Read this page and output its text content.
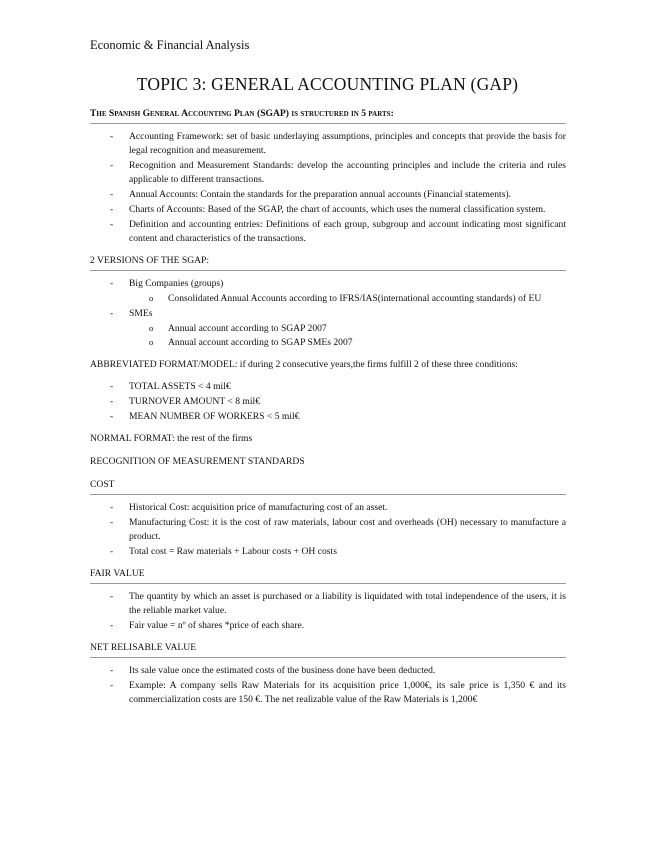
Economic & Financial Analysis
TOPIC 3: GENERAL ACCOUNTING PLAN (GAP)
The Spanish General Accounting Plan (SGAP) is structured in 5 parts:
- Accounting Framework: set of basic underlaying assumptions, principles and concepts that provide the basis for legal recognition and measurement.
- Recognition and Measurement Standards: develop the accounting principles and include the criteria and rules applicable to different transactions.
- Annual Accounts: Contain the standards for the preparation annual accounts (Financial statements).
- Charts of Accounts: Based of the SGAP, the chart of accounts, which uses the numeral classification system.
- Definition and accounting entries: Definitions of each group, subgroup and account indicating most significant content and characteristics of the transactions.
2 VERSIONS OF THE SGAP:
- Big Companies (groups)
o Consolidated Annual Accounts according to IFRS/IAS(international accounting standards) of EU
- SMEs
o Annual account according to SGAP 2007
o Annual account according to SGAP SMEs 2007
ABBREVIATED FORMAT/MODEL: if during 2 consecutive years,the firms fulfill 2 of these three conditions:
- TOTAL ASSETS < 4 mil€
- TURNOVER AMOUNT < 8 mil€
- MEAN NUMBER OF WORKERS < 5 mil€

NORMAL FORMAT: the rest of the firms

RECOGNITION OF MEASUREMENT STANDARDS

COST
- Historical Cost: acquisition price of manufacturing cost of an asset.
- Manufacturing Cost: it is the cost of raw materials, labour cost and overheads (OH) necessary to manufacture a product.
- Total cost = Raw materials + Labour costs + OH costs
FAIR VALUE
- The quantity by which an asset is purchased or a liability is liquidated with total independence of the users, it is the reliable market value.
- Fair value = nº of shares *price of each share.
NET RELISABLE VALUE
- Its sale value once the estimated costs of the business done have been deducted.
- Example: A company sells Raw Materials for its acquisition price 1,000€, its sale price is 1,350 € and its commercialization costs are 150 €. The net realizable value of the Raw Materials is 1,200€
